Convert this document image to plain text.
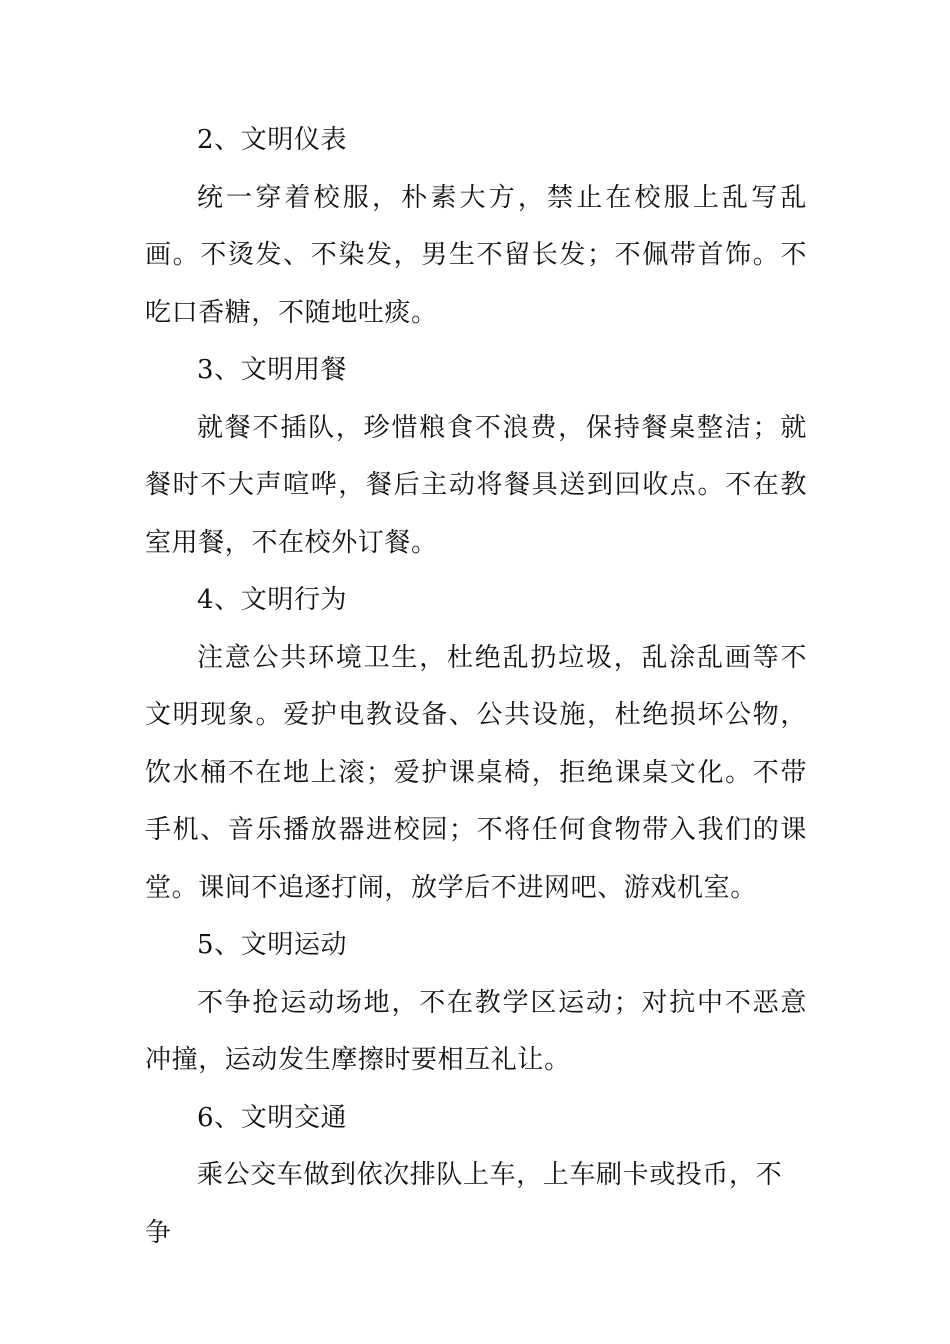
2、文明仪表

统一穿着校服，朴素大方，禁止在校服上乱写乱画。不烫发、不染发，男生不留长发；不佩带首饰。不吃口香糖，不随地吐痰。

3、文明用餐

就餐不插队，珍惜粮食不浪费，保持餐桌整洁；就餐时不大声喧哗，餐后主动将餐具送到回收点。不在教室用餐，不在校外订餐。

4、文明行为

注意公共环境卫生，杜绝乱扔垃圾，乱涂乱画等不文明现象。爱护电教设备、公共设施，杜绝损坏公物，饮水桶不在地上滚；爱护课桌椅，拒绝课桌文化。不带手机、音乐播放器进校园；不将任何食物带入我们的课堂。课间不追逐打闹，放学后不进网吧、游戏机室。

5、文明运动

不争抢运动场地，不在教学区运动；对抗中不恶意冲撞，运动发生摩擦时要相互礼让。

6、文明交通

乘公交车做到依次排队上车，上车刷卡或投币，不争
